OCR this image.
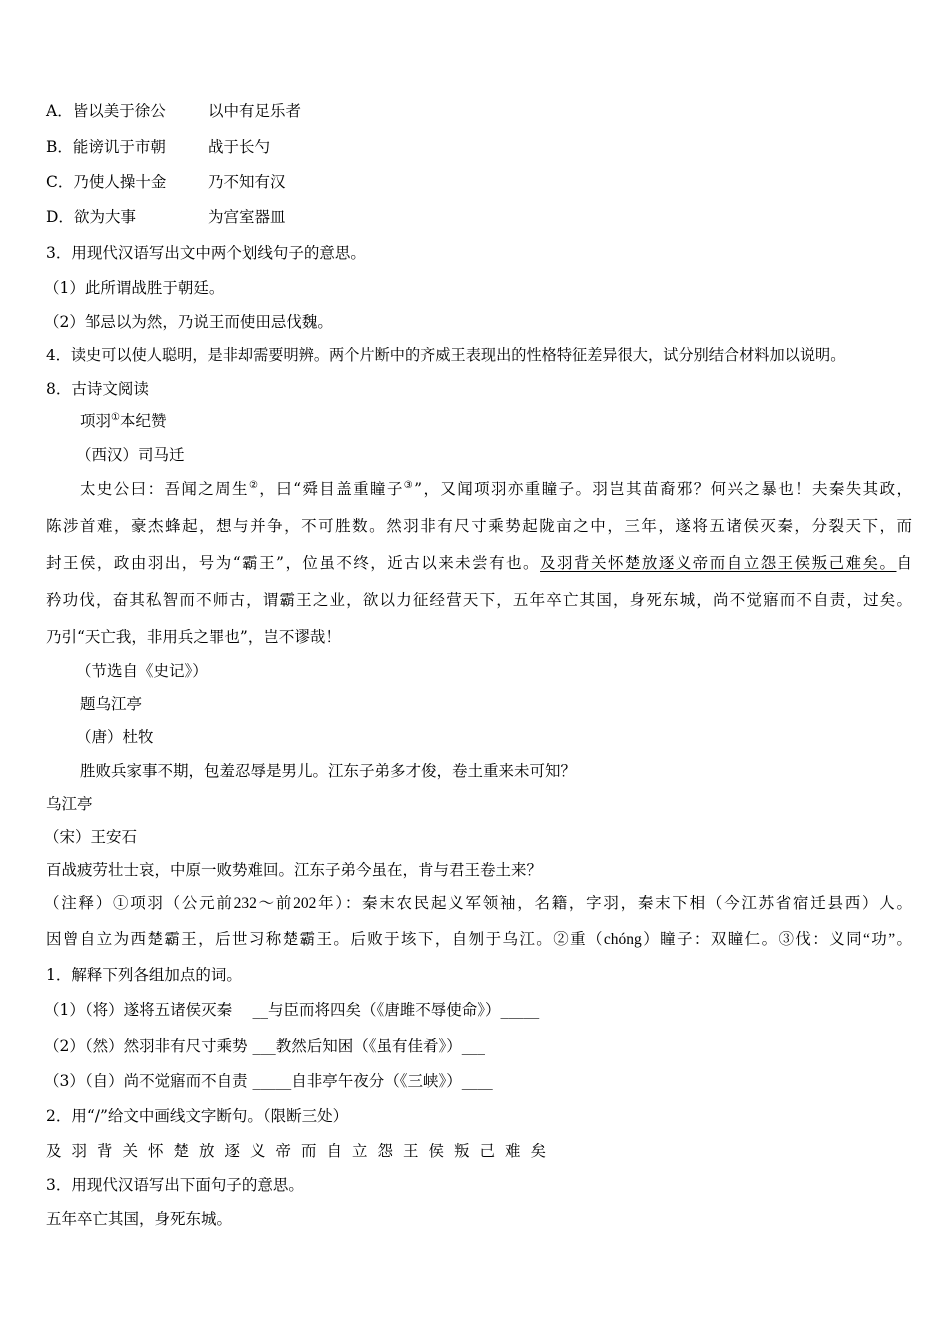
A．皆以美于徐公	以中有足乐者
B．能谤讥于市朝	战于长勺
C．乃使人操十金	乃不知有汉
D．欲为大事	为宫室器皿
3．用现代汉语写出文中两个划线句子的意思。
（1）此所谓战胜于朝廷。
（2）邹忌以为然，乃说王而使田忌伐魏。
4．读史可以使人聪明，是非却需要明辨。两个片断中的齐威王表现出的性格特征差异很大，试分别结合材料加以说明。
8．古诗文阅读
项羽①本纪赞
（西汉）司马迁
太史公曰：吾闻之周生②，曰“舜目盖重瞳子③”，又闻项羽亦重瞳子。羽岂其苗裔邪？何兴之暴也！夫秦失其政，
陈涉首难，豪杰蜂起，想与并争，不可胜数。然羽非有尺寸乘势起陇亩之中，三年，遂将五诸侯灭秦，分裂天下，而
封王侯，政由羽出，号为“霸王”，位虽不终，近古以来未尝有也。及羽背关怀楚放逐义帝而自立怨王侯叛己难矣。自
矜功伐，奋其私智而不师古，谓霸王之业，欲以力征经营天下，五年卒亡其国，身死东城，尚不觉寤而不自责，过矣。
乃引“天亡我，非用兵之罪也”，岂不谬哉！
（节选自《史记》）
题乌江亭
（唐）杜牧
胜败兵家事不期，包羞忍辱是男儿。江东子弟多才俊，卷土重来未可知？
乌江亭
（宋）王安石
百战疲劳壮士哀，中原一败势难回。江东子弟今虽在，肯与君王卷土来？
（注释）①项羽（公元前232～前202年）：秦末农民起义军领袖，名籍，字羽，秦末下相（今江苏省宿迁县西）人。
因曾自立为西楚霸王，后世习称楚霸王。后败于垓下，自刎于乌江。②重（chóng）瞳子：双瞳仁。③伐：义同“功”。
1．解释下列各组加点的词。
（1）（将）遂将五诸侯灭秦　 __与臣而将四矣（《唐雎不辱使命》）_____
（2）（然）然羽非有尺寸乘势 ___教然后知困（《虽有佳肴》）___
（3）（自）尚不觉寤而不自责 _____自非亭午夜分（《三峡》）____
2．用“/”给文中画线文字断句。（限断三处）
及羽背关怀楚放逐义帝而自立怨王侯叛己难矣
3．用现代汉语写出下面句子的意思。
五年卒亡其国，身死东城。
